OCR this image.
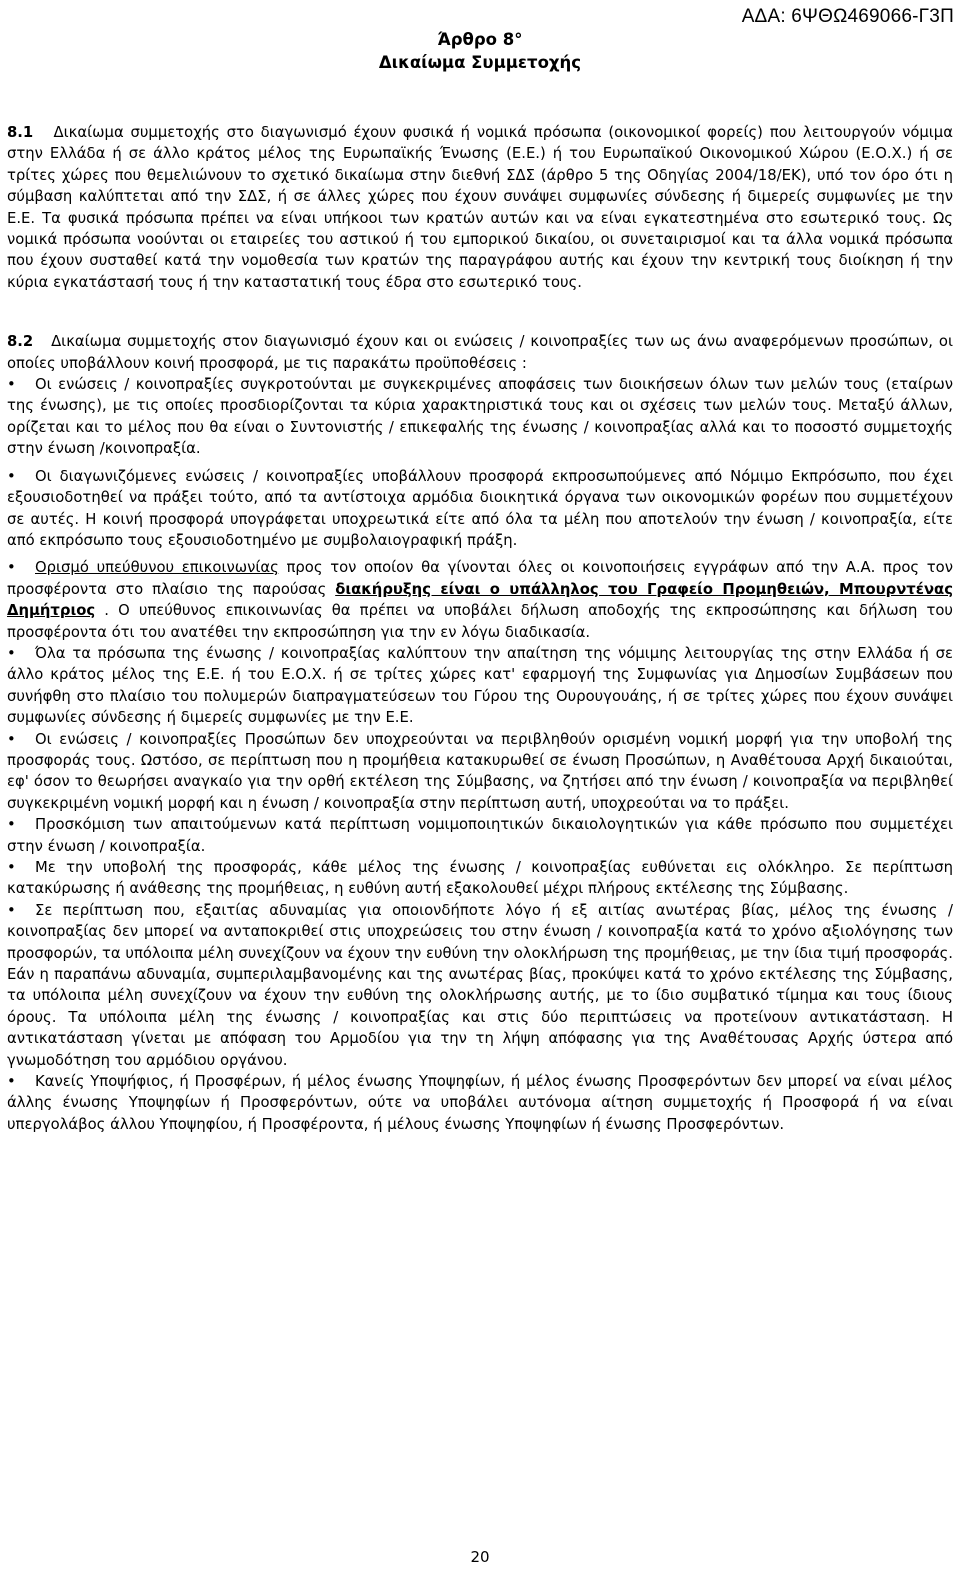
ΑΔΑ: 6ΨΘΩ469066-Γ3Π
Άρθρο 8°
Δικαίωμα Συμμετοχής

8.1 Δικαίωμα συμμετοχής στο διαγωνισμό έχουν φυσικά ή νομικά πρόσωπα (οικονομικοί φορείς) που λειτουργούν νόμιμα στην Ελλάδα ή σε άλλο κράτος μέλος της Ευρωπαϊκής Ένωσης (Ε.Ε.) ή του Ευρωπαϊκού Οικονομικού Χώρου (Ε.Ο.Χ.) ή σε τρίτες χώρες που θεμελιώνουν το σχετικό δικαίωμα στην διεθνή ΣΔΣ (άρθρο 5 της Οδηγίας 2004/18/ΕΚ), υπό τον όρο ότι η σύμβαση καλύπτεται από την ΣΔΣ, ή σε άλλες χώρες που έχουν συνάψει συμφωνίες σύνδεσης ή διμερείς συμφωνίες με την Ε.Ε. Τα φυσικά πρόσωπα πρέπει να είναι υπήκοοι των κρατών αυτών και να είναι εγκατεστημένα στο εσωτερικό τους. Ως νομικά πρόσωπα νοούνται οι εταιρείες του αστικού ή του εμπορικού δικαίου, οι συνεταιρισμοί και τα άλλα νομικά πρόσωπα που έχουν συσταθεί κατά την νομοθεσία των κρατών της παραγράφου αυτής και έχουν την κεντρική τους διοίκηση ή την κύρια εγκατάστασή τους ή την καταστατική τους έδρα στο εσωτερικό τους.

8.2 Δικαίωμα συμμετοχής στον διαγωνισμό έχουν και οι ενώσεις / κοινοπραξίες των ως άνω αναφερόμενων προσώπων, οι οποίες υποβάλλουν κοινή προσφορά, με τις παρακάτω προϋποθέσεις :

• Οι ενώσεις / κοινοπραξίες συγκροτούνται με συγκεκριμένες αποφάσεις των διοικήσεων όλων των μελών τους (εταίρων της ένωσης), με τις οποίες προσδιορίζονται τα κύρια χαρακτηριστικά τους και οι σχέσεις των μελών τους. Μεταξύ άλλων, ορίζεται και το μέλος που θα είναι ο Συντονιστής / επικεφαλής της ένωσης / κοινοπραξίας αλλά και το ποσοστό συμμετοχής στην ένωση /κοινοπραξία.

• Οι διαγωνιζόμενες ενώσεις / κοινοπραξίες υποβάλλουν προσφορά εκπροσωπούμενες από Νόμιμο Εκπρόσωπο, που έχει εξουσιοδοτηθεί να πράξει τούτο, από τα αντίστοιχα αρμόδια διοικητικά όργανα των οικονομικών φορέων που συμμετέχουν σε αυτές. Η κοινή προσφορά υπογράφεται υποχρεωτικά είτε από όλα τα μέλη που αποτελούν την ένωση / κοινοπραξία, είτε από εκπρόσωπο τους εξουσιοδοτημένο με συμβολαιογραφική πράξη.

• Ορισμό υπεύθυνου επικοινωνίας προς τον οποίον θα γίνονται όλες οι κοινοποιήσεις εγγράφων από την Α.Α. προς τον προσφέροντα στο πλαίσιο της παρούσας διακήρυξης είναι ο υπάλληλος του Γραφείο Προμηθειών, Μπουρντένας Δημήτριος . Ο υπεύθυνος επικοινωνίας θα πρέπει να υποβάλει δήλωση αποδοχής της εκπροσώπησης και δήλωση του προσφέροντα ότι του ανατέθει την εκπροσώπηση για την εν λόγω διαδικασία.

• Όλα τα πρόσωπα της ένωσης / κοινοπραξίας καλύπτουν την απαίτηση της νόμιμης λειτουργίας της στην Ελλάδα ή σε άλλο κράτος μέλος της Ε.Ε. ή του Ε.Ο.Χ. ή σε τρίτες χώρες κατ' εφαρμογή της Συμφωνίας για Δημοσίων Συμβάσεων που συνήφθη στο πλαίσιο του πολυμερών διαπραγματεύσεων του Γύρου της Ουρουγουάης, ή σε τρίτες χώρες που έχουν συνάψει συμφωνίες σύνδεσης ή διμερείς συμφωνίες με την Ε.Ε.

• Οι ενώσεις / κοινοπραξίες Προσώπων δεν υποχρεούνται να περιβληθούν ορισμένη νομική μορφή για την υποβολή της προσφοράς τους. Ωστόσο, σε περίπτωση που η προμήθεια κατακυρωθεί σε ένωση Προσώπων, η Αναθέτουσα Αρχή δικαιούται, εφ' όσον το θεωρήσει αναγκαίο για την ορθή εκτέλεση της Σύμβασης, να ζητήσει από την ένωση / κοινοπραξία να περιβληθεί συγκεκριμένη νομική μορφή και η ένωση / κοινοπραξία στην περίπτωση αυτή, υποχρεούται να το πράξει.

• Προσκόμιση των απαιτούμενων κατά περίπτωση νομιμοποιητικών δικαιολογητικών για κάθε πρόσωπο που συμμετέχει στην ένωση / κοινοπραξία.

• Με την υποβολή της προσφοράς, κάθε μέλος της ένωσης / κοινοπραξίας ευθύνεται εις ολόκληρο. Σε περίπτωση κατακύρωσης ή ανάθεσης της προμήθειας, η ευθύνη αυτή εξακολουθεί μέχρι πλήρους εκτέλεσης της Σύμβασης.

• Σε περίπτωση που, εξαιτίας αδυναμίας για οποιονδήποτε λόγο ή εξ αιτίας ανωτέρας βίας, μέλος της ένωσης / κοινοπραξίας δεν μπορεί να ανταποκριθεί στις υποχρεώσεις του στην ένωση / κοινοπραξία κατά το χρόνο αξιολόγησης των προσφορών, τα υπόλοιπα μέλη συνεχίζουν να έχουν την ευθύνη την ολοκλήρωση της προμήθειας, με την ίδια τιμή προσφοράς. Εάν η παραπάνω αδυναμία, συμπεριλαμβανομένης και της ανωτέρας βίας, προκύψει κατά το χρόνο εκτέλεσης της Σύμβασης, τα υπόλοιπα μέλη συνεχίζουν να έχουν την ευθύνη της ολοκλήρωσης αυτής, με το ίδιο συμβατικό τίμημα και τους ίδιους όρους. Τα υπόλοιπα μέλη της ένωσης / κοινοπραξίας και στις δύο περιπτώσεις να προτείνουν αντικατάσταση. Η αντικατάσταση γίνεται με απόφαση του Αρμοδίου για την τη λήψη απόφασης για της Αναθέτουσας Αρχής ύστερα από γνωμοδότηση του αρμόδιου οργάνου.

• Κανείς Υποψήφιος, ή Προσφέρων, ή μέλος ένωσης Υποψηφίων, ή μέλος ένωσης Προσφερόντων δεν μπορεί να είναι μέλος άλλης ένωσης Υποψηφίων ή Προσφερόντων, ούτε να υποβάλει αυτόνομα αίτηση συμμετοχής ή Προσφορά ή να είναι υπεργολάβος άλλου Υποψηφίου, ή Προσφέροντα, ή μέλους ένωσης Υποψηφίων ή ένωσης Προσφερόντων.

20
